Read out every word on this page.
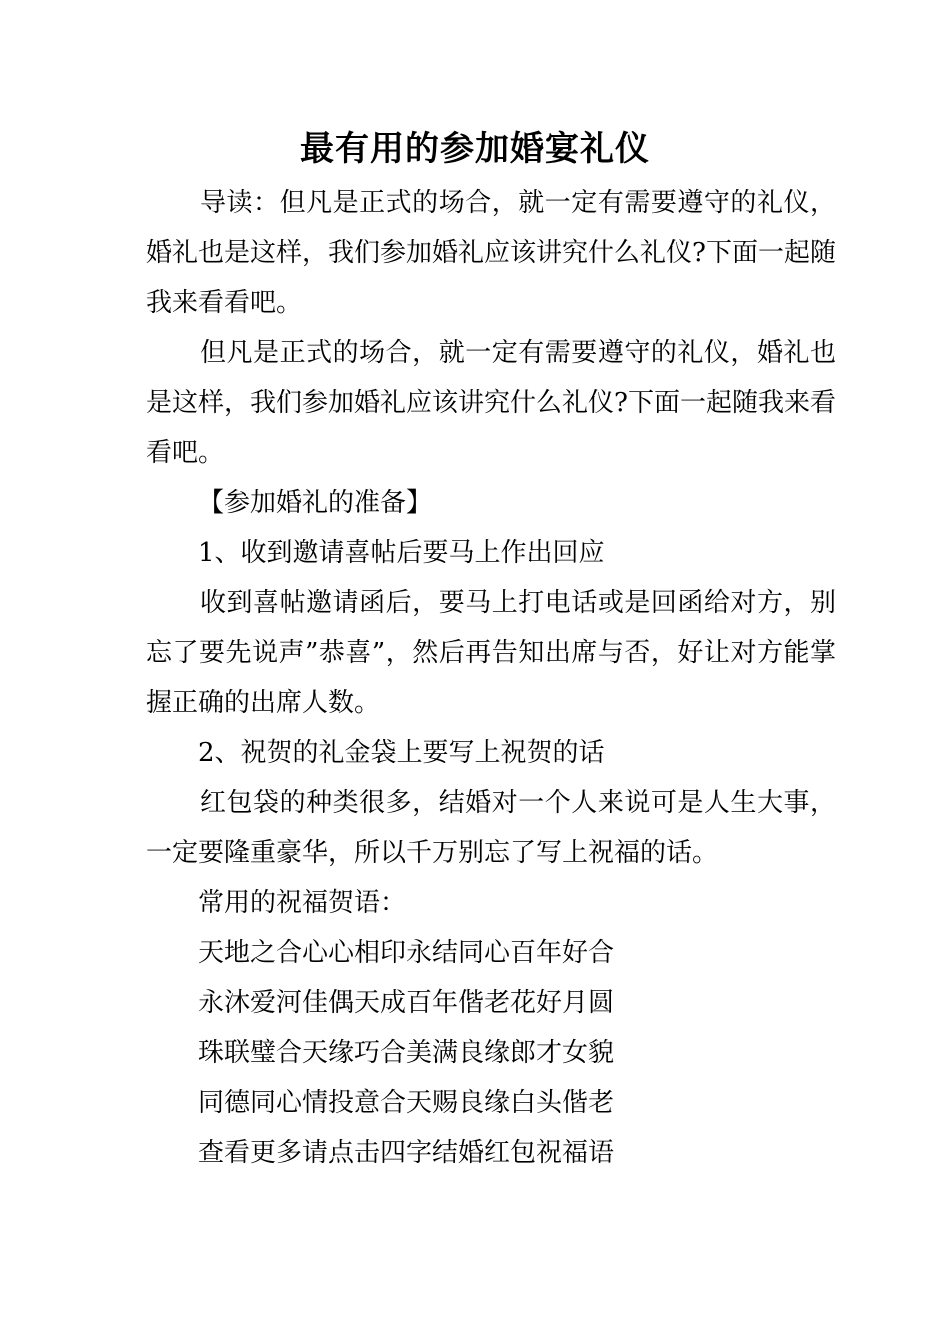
最有用的参加婚宴礼仪

导读：但凡是正式的场合，就一定有需要遵守的礼仪，婚礼也是这样，我们参加婚礼应该讲究什么礼仪?下面一起随我来看看吧。

但凡是正式的场合，就一定有需要遵守的礼仪，婚礼也是这样，我们参加婚礼应该讲究什么礼仪?下面一起随我来看看吧。

【参加婚礼的准备】

1、收到邀请喜帖后要马上作出回应

收到喜帖邀请函后，要马上打电话或是回函给对方，别忘了要先说声”恭喜”，然后再告知出席与否，好让对方能掌握正确的出席人数。

2、祝贺的礼金袋上要写上祝贺的话

红包袋的种类很多，结婚对一个人来说可是人生大事，一定要隆重豪华，所以千万别忘了写上祝福的话。

常用的祝福贺语：

天地之合心心相印永结同心百年好合

永沐爱河佳偶天成百年偕老花好月圆

珠联璧合天缘巧合美满良缘郎才女貌

同德同心情投意合天赐良缘白头偕老

查看更多请点击四字结婚红包祝福语
